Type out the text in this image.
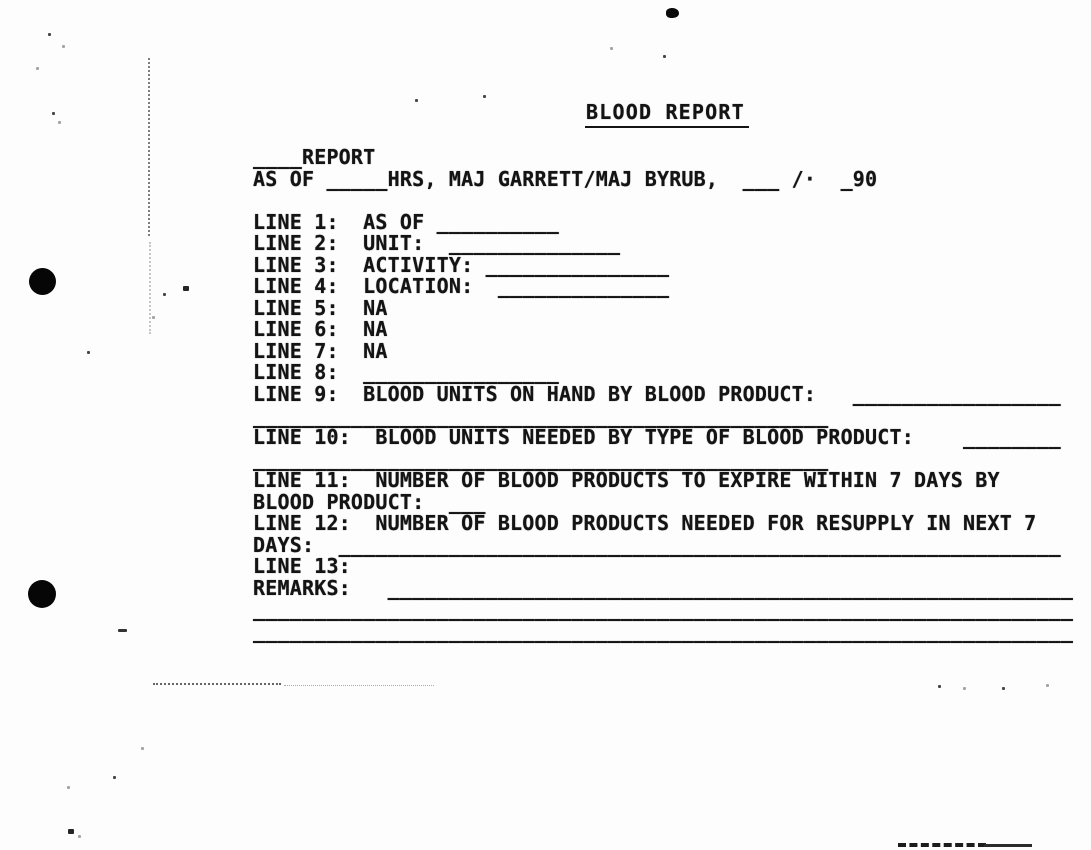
BLOOD REPORT
____REPORT
AS OF _____HRS, MAJ GARRETT/MAJ BYRUB,  ___ /·  _90
LINE 1:  AS OF __________
LINE 2:  UNIT:  ______________
LINE 3:  ACTIVITY: _______________
LINE 4:  LOCATION:  ______________
LINE 5:  NA
LINE 6:  NA
LINE 7:  NA
LINE 8:  ________________
LINE 9:  BLOOD UNITS ON HAND BY BLOOD PRODUCT:   _________________
_______________________________________________
LINE 10:  BLOOD UNITS NEEDED BY TYPE OF BLOOD PRODUCT:    ________
_______________________________________________
LINE 11:  NUMBER OF BLOOD PRODUCTS TO EXPIRE WITHIN 7 DAYS BY
BLOOD PRODUCT:  ___
LINE 12:  NUMBER OF BLOOD PRODUCTS NEEDED FOR RESUPPLY IN NEXT 7
DAYS:  ___________________________________________________________
LINE 13:
REMARKS:   ________________________________________________________
___________________________________________________________________
___________________________________________________________________
